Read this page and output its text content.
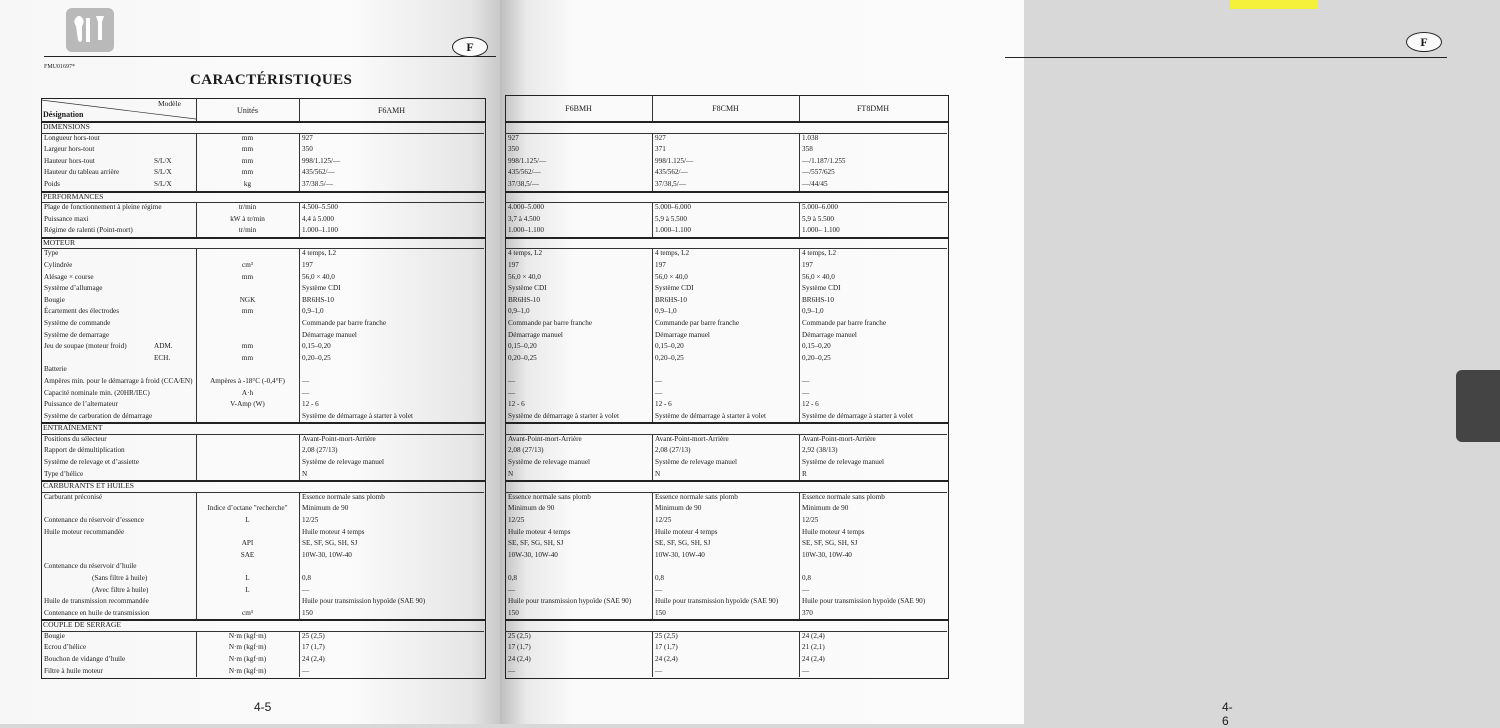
F
FMU01697*
CARACTÉRISTIQUES
Modèle
Désignation	Unités	F6AMH
DIMENSIONS
Longueur hors-tout	mm	927
Largeur hors-tout	mm	350
Hauteur hors-tout	S/L/X	mm	998/1.125/—
Hauteur du tableau arrière	S/L/X	mm	435/562/—
Poids	S/L/X	kg	37/38.5/—
PERFORMANCES
Plage de fonctionnement à pleine régime	tr/min	4.500–5.500
Puissance maxi	kW à tr/min	4,4 à 5.000
Régime de ralenti (Point-mort)	tr/min	1.000–1.100
MOTEUR
Type	4 temps, L2
Cylindrée	cm³	197
Alésage × course	mm	56,0 × 40,0
Système d’allumage	Système CDI
Bougie	NGK	BR6HS-10
Écartement des électrodes	mm	0,9–1,0
Système de commande	Commande par barre franche
Système de demarrage	Démarrage manuel
Jeu de soupae (moteur froid)	ADM.	mm	0,15–0,20
ECH.	mm	0,20–0,25
Batterie
Ampères min. pour le démarrage à froid (CCA/EN)	Ampères à -18°C (-0,4°F)	—
Capacité nominale min. (20HR/IEC)	A·h	—
Puissance de l’alternateur	V-Amp (W)	12 - 6
Système de carburation de démarrage	Système de démarrage à starter à volet
ENTRAÎNEMENT
Positions du sélecteur	Avant-Point-mort-Arrière
Rapport de démultiplication	2,08 (27/13)
Système de relevage et d’assiette	Système de relevage manuel
Type d’hélice	N
CARBURANTS ET HUILES
Carburant préconisé	Essence normale sans plomb
Indice d’octane "recherche"	Minimum de 90
Contenance du réservoir d’essence	L	12/25
Huile moteur recommandée	Huile moteur 4 temps
API	SE, SF, SG, SH, SJ
SAE	10W-30, 10W-40
Contenance du réservoir d’huile
(Sans filtre à huile)	L	0,8
(Avec filtre à huile)	L	—
Huile de transmission recommandée	Huile pour transmission hypoïde (SAE 90)
Contenance en huile de transmission	cm³	150
COUPLE DE SERRAGE
Bougie	N·m (kgf·m)	25 (2,5)
Ecrou d’hélice	N·m (kgf·m)	17 (1,7)
Bouchon de vidange d’huile	N·m (kgf·m)	24 (2,4)
Filtre à huile moteur	N·m (kgf·m)	—
4-5
F
F6BMH	F8CMH	FT8DMH
927	927	1.038
350	371	358
998/1.125/—	998/1.125/—	—/1.187/1.255
435/562/—	435/562/—	—/557/625
37/38,5/—	37/38,5/—	—/44/45
4.000–5.000	5.000–6.000	5.000–6.000
3,7 à 4.500	5,9 à 5.500	5,9 à 5.500
1.000–1.100	1.000–1.100	1.000– 1.100
4 temps, L2	4 temps, L2	4 temps, L2
197	197	197
56,0 × 40,0	56,0 × 40,0	56,0 × 40,0
Système CDI	Système CDI	Système CDI
BR6HS-10	BR6HS-10	BR6HS-10
0,9–1,0	0,9–1,0	0,9–1,0
Commande par barre franche	Commande par barre franche	Commande par barre franche
Démarrage manuel	Démarrage manuel	Démarrage manuel
0,15–0,20	0,15–0,20	0,15–0,20
0,20–0,25	0,20–0,25	0,20–0,25
—	—	—
—	—	—
12 - 6	12 - 6	12 - 6
Système de démarrage à starter à volet	Système de démarrage à starter à volet	Système de démarrage à starter à volet
Avant-Point-mort-Arrière	Avant-Point-mort-Arrière	Avant-Point-mort-Arrière
2,08 (27/13)	2,08 (27/13)	2,92 (38/13)
Système de relevage manuel	Système de relevage manuel	Système de relevage manuel
N	N	R
Essence normale sans plomb	Essence normale sans plomb	Essence normale sans plomb
Minimum de 90	Minimum de 90	Minimum de 90
12/25	12/25	12/25
Huile moteur 4 temps	Huile moteur 4 temps	Huile moteur 4 temps
SE, SF, SG, SH, SJ	SE, SF, SG, SH, SJ	SE, SF, SG, SH, SJ
10W-30, 10W-40	10W-30, 10W-40	10W-30, 10W-40
0,8	0,8	0,8
—	—	—
Huile pour transmission hypoïde (SAE 90)	Huile pour transmission hypoïde (SAE 90)	Huile pour transmission hypoïde (SAE 90)
150	150	370
25 (2,5)	25 (2,5)	24 (2,4)
17 (1,7)	17 (1,7)	21 (2,1)
24 (2,4)	24 (2,4)	24 (2,4)
—	—	—
4-6
